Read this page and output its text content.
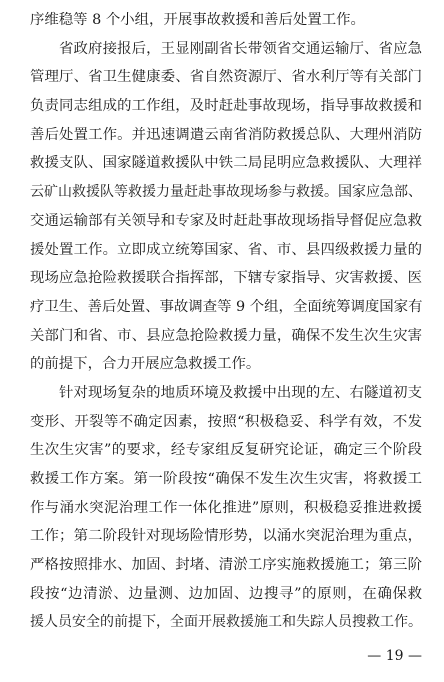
序维稳等 8 个小组，开展事故救援和善后处置工作。
省政府接报后，王显刚副省长带领省交通运输厅、省应急
管理厅、省卫生健康委、省自然资源厅、省水利厅等有关部门
负责同志组成的工作组，及时赶赴事故现场，指导事故救援和
善后处置工作。并迅速调遣云南省消防救援总队、大理州消防
救援支队、国家隧道救援队中铁二局昆明应急救援队、大理祥
云矿山救援队等救援力量赶赴事故现场参与救援。国家应急部、
交通运输部有关领导和专家及时赶赴事故现场指导督促应急救
援处置工作。立即成立统筹国家、省、市、县四级救援力量的
现场应急抢险救援联合指挥部，下辖专家指导、灾害救援、医
疗卫生、善后处置、事故调查等 9 个组，全面统筹调度国家有
关部门和省、市、县应急抢险救援力量，确保不发生次生灾害
的前提下，合力开展应急救援工作。
针对现场复杂的地质环境及救援中出现的左、右隧道初支
变形、开裂等不确定因素，按照“积极稳妥、科学有效，不发
生次生灾害”的要求，经专家组反复研究论证，确定三个阶段
救援工作方案。第一阶段按“确保不发生次生灾害，将救援工
作与涌水突泥治理工作一体化推进”原则，积极稳妥推进救援
工作；第二阶段针对现场险情形势，以涌水突泥治理为重点，
严格按照排水、加固、封堵、清淤工序实施救援施工；第三阶
段按“边清淤、边量测、边加固、边搜寻”的原则，在确保救
援人员安全的前提下，全面开展救援施工和失踪人员搜救工作。
— 19 —
